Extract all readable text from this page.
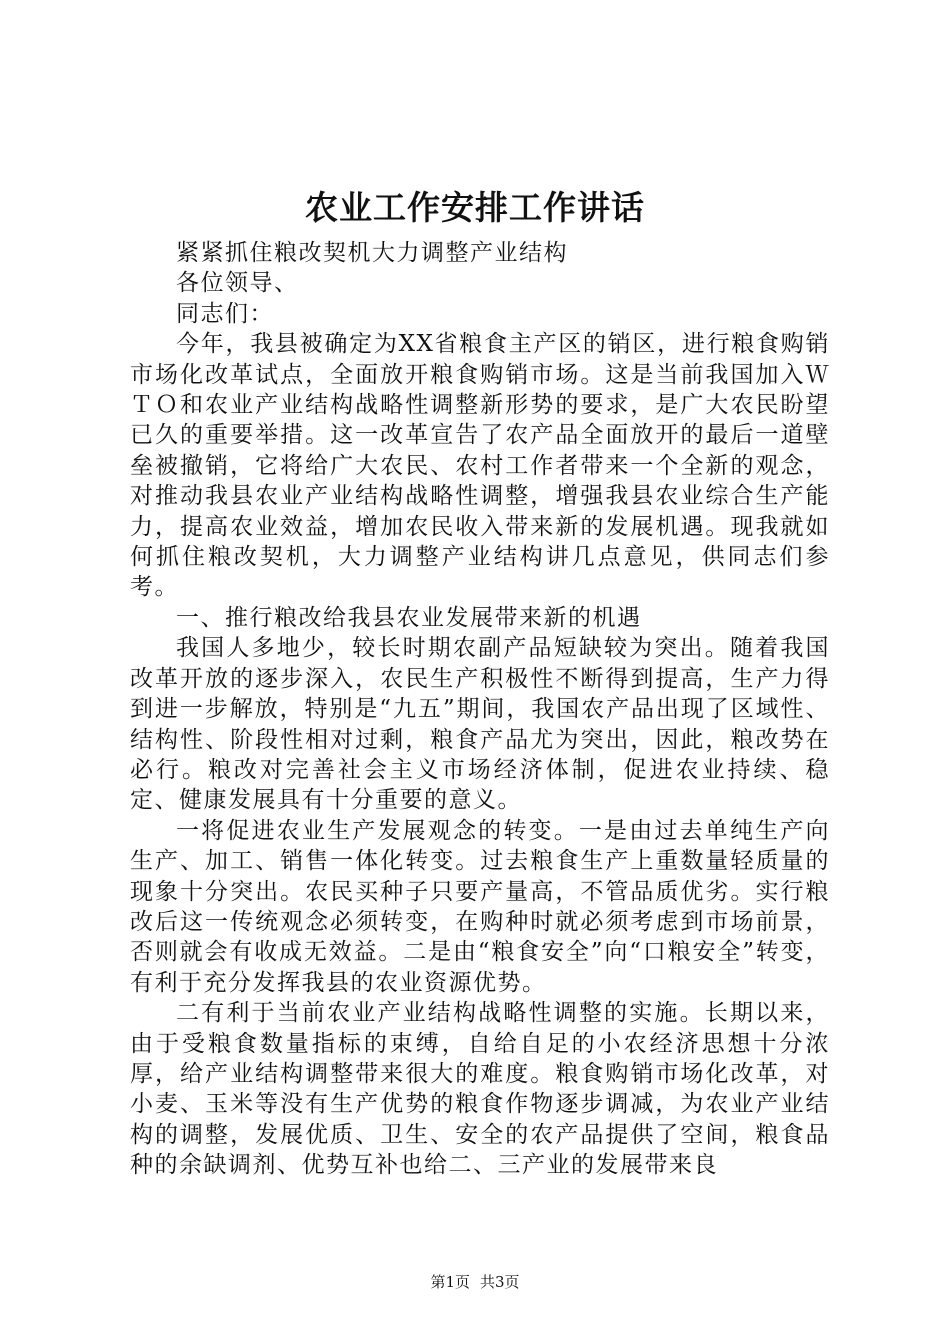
农业工作安排工作讲话

紧紧抓住粮改契机大力调整产业结构

各位领导、

同志们：

今年，我县被确定为XX省粮食主产区的销区，进行粮食购销市场化改革试点，全面放开粮食购销市场。这是当前我国加入ＷＴＯ和农业产业结构战略性调整新形势的要求，是广大农民盼望已久的重要举措。这一改革宣告了农产品全面放开的最后一道壁垒被撤销，它将给广大农民、农村工作者带来一个全新的观念，对推动我县农业产业结构战略性调整，增强我县农业综合生产能力，提高农业效益，增加农民收入带来新的发展机遇。现我就如何抓住粮改契机，大力调整产业结构讲几点意见，供同志们参考。

一、推行粮改给我县农业发展带来新的机遇

我国人多地少，较长时期农副产品短缺较为突出。随着我国改革开放的逐步深入，农民生产积极性不断得到提高，生产力得到进一步解放，特别是“九五”期间，我国农产品出现了区域性、结构性、阶段性相对过剩，粮食产品尤为突出，因此，粮改势在必行。粮改对完善社会主义市场经济体制，促进农业持续、稳定、健康发展具有十分重要的意义。

一将促进农业生产发展观念的转变。一是由过去单纯生产向生产、加工、销售一体化转变。过去粮食生产上重数量轻质量的现象十分突出。农民买种子只要产量高，不管品质优劣。实行粮改后这一传统观念必须转变，在购种时就必须考虑到市场前景，否则就会有收成无效益。二是由“粮食安全”向“口粮安全”转变，有利于充分发挥我县的农业资源优势。

二有利于当前农业产业结构战略性调整的实施。长期以来，由于受粮食数量指标的束缚，自给自足的小农经济思想十分浓厚，给产业结构调整带来很大的难度。粮食购销市场化改革，对小麦、玉米等没有生产优势的粮食作物逐步调减，为农业产业结构的调整，发展优质、卫生、安全的农产品提供了空间，粮食品种的余缺调剂、优势互补也给二、三产业的发展带来良

第1页 共3页
